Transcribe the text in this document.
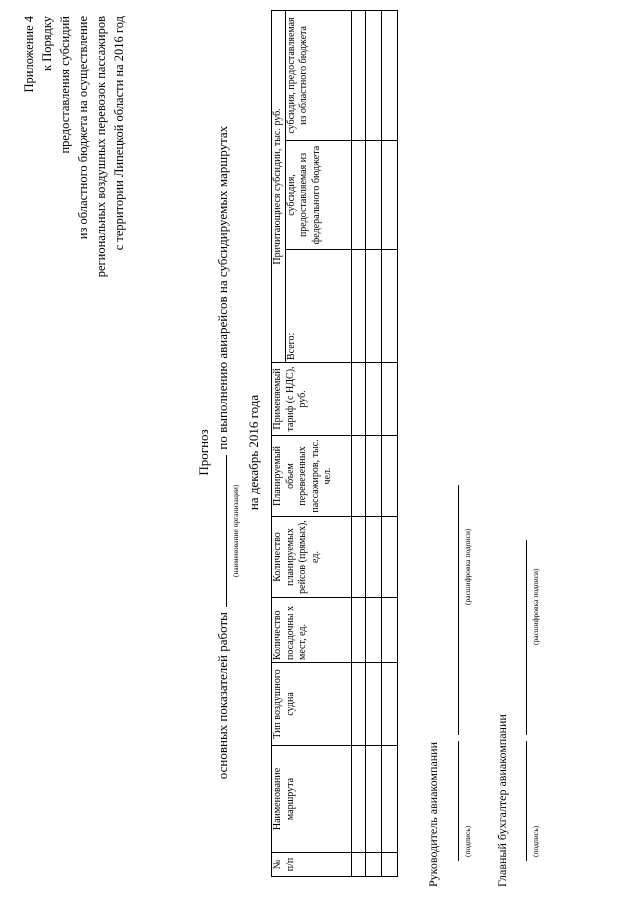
Приложение 4 к Порядку предоставления субсидий из областного бюджета на осуществление региональных воздушных перевозок пассажиров с территории Липецкой области на 2016 год
Прогноз
основных показателей работы
(наименование организации)
по выполнению авиарейсов на субсидируемых маршрутах
на декабрь 2016 года
№ п/п	Наименование маршрута	Тип воздушного судна	Количество посадочны х мест, ед.	Количество планируемых рейсов (прямых), ед.	Планируемый объем перевезенных пассажиров, тыс. чел.	Применяемый тариф (с НДС), руб.	Причитающиеся субсидии, тыс. руб.		
							Всего:	субсидия, предоставляемая из федерального бюджета	субсидия, предоставляемая из областного бюджета

Руководитель авиакомпании	(подпись)
(расшифровка подписи)
Главный бухгалтер авиакомпании	(подпись)
(расшифровка подписи)
